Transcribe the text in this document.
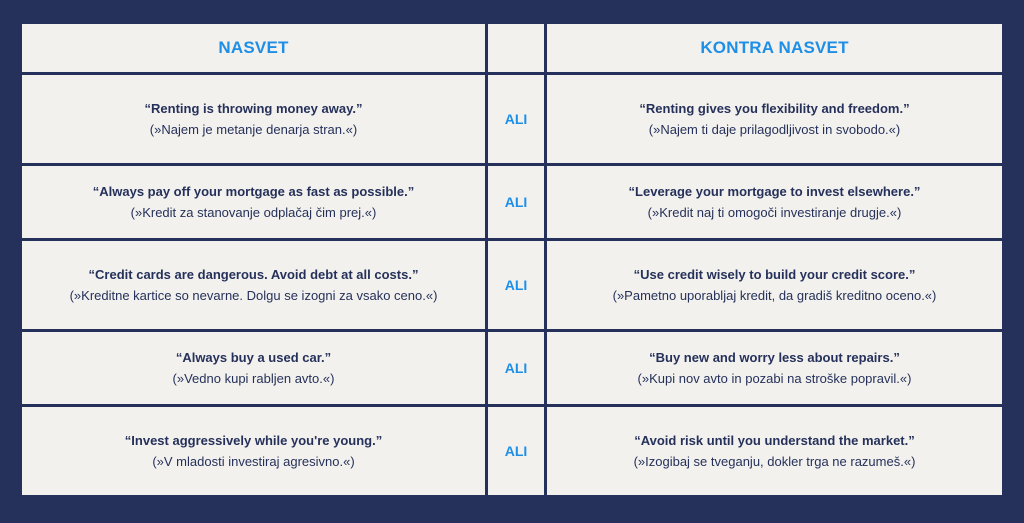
NASVET	KONTRA NASVET
“Renting is throwing money away.”
(»Najem je metanje denarja stran.«)
ALI
“Renting gives you flexibility and freedom.”
(»Najem ti daje prilagodljivost in svobodo.«)
“Always pay off your mortgage as fast as possible.”
(»Kredit za stanovanje odplačaj čim prej.«)
ALI
“Leverage your mortgage to invest elsewhere.”
(»Kredit naj ti omogoči investiranje drugje.«)
“Credit cards are dangerous. Avoid debt at all costs.”
(»Kreditne kartice so nevarne. Dolgu se izogni za vsako ceno.«)
ALI
“Use credit wisely to build your credit score.”
(»Pametno uporabljaj kredit, da gradiš kreditno oceno.«)
“Always buy a used car.”
(»Vedno kupi rabljen avto.«)
ALI
“Buy new and worry less about repairs.”
(»Kupi nov avto in pozabi na stroške popravil.«)
“Invest aggressively while you're young.”
(»V mladosti investiraj agresivno.«)
ALI
“Avoid risk until you understand the market.”
(»Izogibaj se tveganju, dokler trga ne razumeš.«)
